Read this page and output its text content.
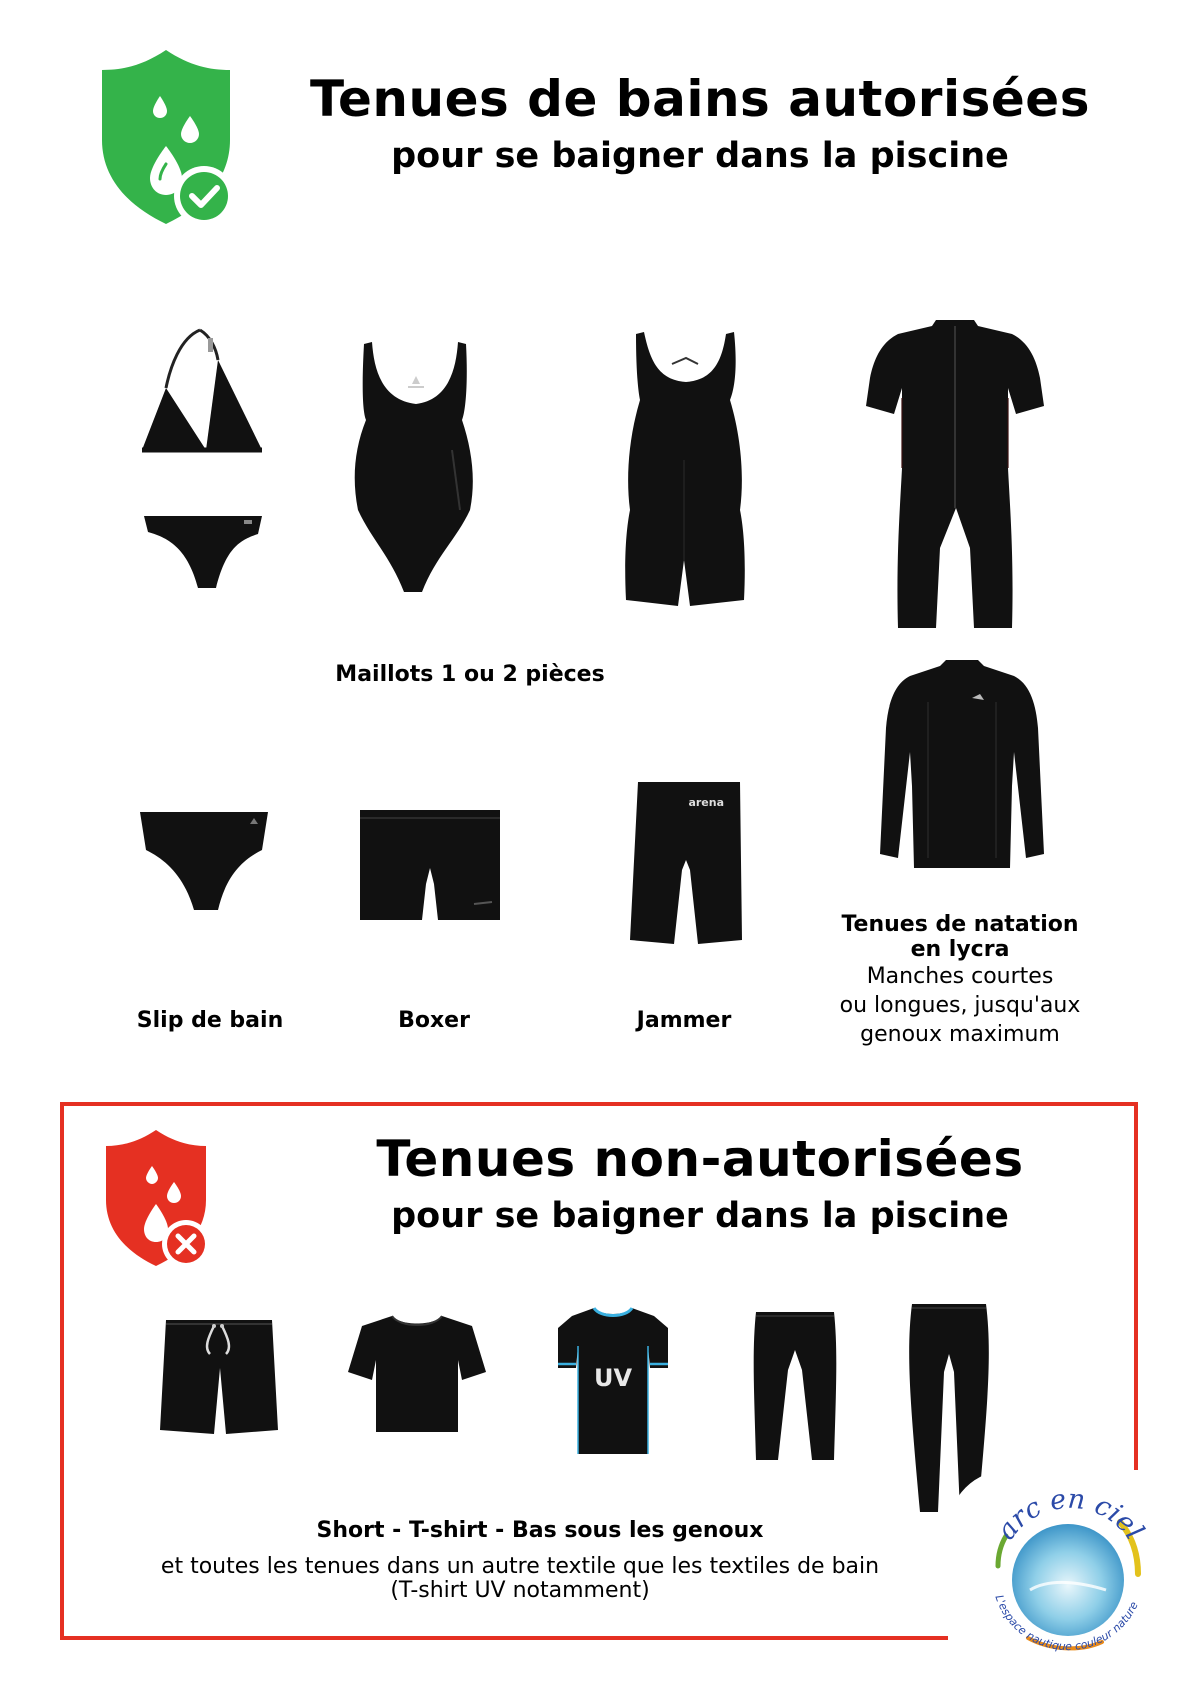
Tenues de bains autorisées
pour se baigner dans la piscine
Maillots 1 ou 2 pièces
arena
Slip de bain	Boxer	Jammer
Tenues de natation
en lycra
Manches courtes
ou longues, jusqu'aux
genoux maximum
Tenues non-autorisées
pour se baigner dans la piscine
UV
Short - T-shirt - Bas sous les genoux
et toutes les tenues dans un autre textile que les textiles de bain
(T-shirt UV notamment)
arc en ciel
L'espace nautique couleur nature
